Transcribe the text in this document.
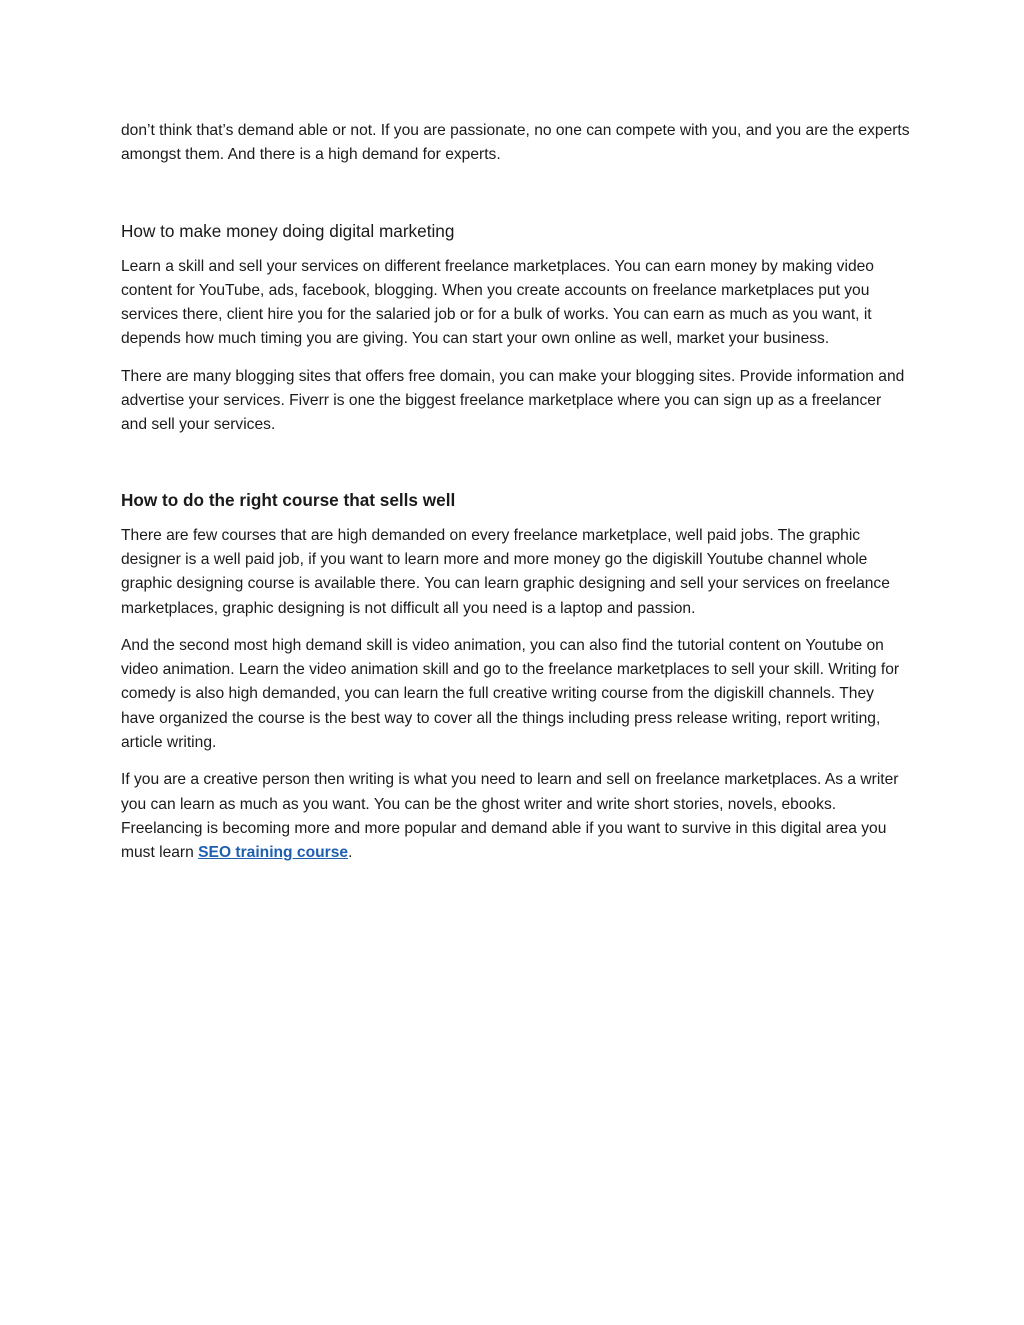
don’t think that’s demand able or not. If you are passionate, no one can compete with you, and you are the experts amongst them. And there is a high demand for experts.

How to make money doing digital marketing

Learn a skill and sell your services on different freelance marketplaces. You can earn money by making video content for YouTube, ads, facebook, blogging. When you create accounts on freelance marketplaces put you services there, client hire you for the salaried job or for a bulk of works. You can earn as much as you want, it depends how much timing you are giving. You can start your own online as well, market your business.

There are many blogging sites that offers free domain, you can make your blogging sites. Provide information and advertise your services. Fiverr is one the biggest freelance marketplace where you can sign up as a freelancer and sell your services.

How to do the right course that sells well

There are few courses that are high demanded on every freelance marketplace, well paid jobs. The graphic designer is a well paid job, if you want to learn more and more money go the digiskill Youtube channel whole graphic designing course is available there. You can learn graphic designing and sell your services on freelance marketplaces, graphic designing is not difficult all you need is a laptop and passion.

And the second most high demand skill is video animation, you can also find the tutorial content on Youtube on video animation. Learn the video animation skill and go to the freelance marketplaces to sell your skill. Writing for comedy is also high demanded, you can learn the full creative writing course from the digiskill channels. They have organized the course is the best way to cover all the things including press release writing, report writing, article writing.

If you are a creative person then writing is what you need to learn and sell on freelance marketplaces. As a writer you can learn as much as you want. You can be the ghost writer and write short stories, novels, ebooks. Freelancing is becoming more and more popular and demand able if you want to survive in this digital area you must learn SEO training course.
